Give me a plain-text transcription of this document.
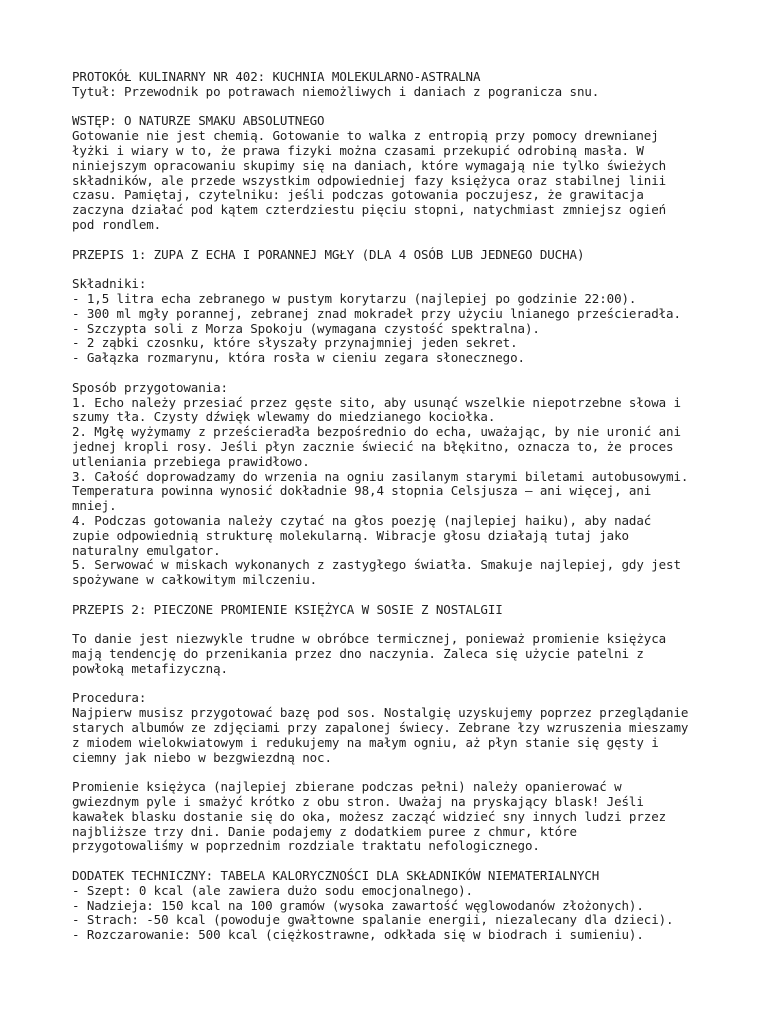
PROTOKÓŁ KULINARNY NR 402: KUCHNIA MOLEKULARNO-ASTRALNA
Tytuł: Przewodnik po potrawach niemożliwych i daniach z pogranicza snu.
WSTĘP: O NATURZE SMAKU ABSOLUTNEGO
Gotowanie nie jest chemią. Gotowanie to walka z entropią przy pomocy drewnianej
łyżki i wiary w to, że prawa fizyki można czasami przekupić odrobiną masła. W
niniejszym opracowaniu skupimy się na daniach, które wymagają nie tylko świeżych
składników, ale przede wszystkim odpowiedniej fazy księżyca oraz stabilnej linii
czasu. Pamiętaj, czytelniku: jeśli podczas gotowania poczujesz, że grawitacja
zaczyna działać pod kątem czterdziestu pięciu stopni, natychmiast zmniejsz ogień
pod rondlem.
PRZEPIS 1: ZUPA Z ECHA I PORANNEJ MGŁY (DLA 4 OSÓB LUB JEDNEGO DUCHA)
Składniki:
- 1,5 litra echa zebranego w pustym korytarzu (najlepiej po godzinie 22:00).
- 300 ml mgły porannej, zebranej znad mokradeł przy użyciu lnianego prześcieradła.
- Szczypta soli z Morza Spokoju (wymagana czystość spektralna).
- 2 ząbki czosnku, które słyszały przynajmniej jeden sekret.
- Gałązka rozmarynu, która rosła w cieniu zegara słonecznego.
Sposób przygotowania:
1. Echo należy przesiać przez gęste sito, aby usunąć wszelkie niepotrzebne słowa i
szumy tła. Czysty dźwięk wlewamy do miedzianego kociołka.
2. Mgłę wyżymamy z prześcieradła bezpośrednio do echa, uważając, by nie uronić ani
jednej kropli rosy. Jeśli płyn zacznie świecić na błękitno, oznacza to, że proces
utleniania przebiega prawidłowo.
3. Całość doprowadzamy do wrzenia na ogniu zasilanym starymi biletami autobusowymi.
Temperatura powinna wynosić dokładnie 98,4 stopnia Celsjusza – ani więcej, ani
mniej.
4. Podczas gotowania należy czytać na głos poezję (najlepiej haiku), aby nadać
zupie odpowiednią strukturę molekularną. Wibracje głosu działają tutaj jako
naturalny emulgator.
5. Serwować w miskach wykonanych z zastygłego światła. Smakuje najlepiej, gdy jest
spożywane w całkowitym milczeniu.
PRZEPIS 2: PIECZONE PROMIENIE KSIĘŻYCA W SOSIE Z NOSTALGII
To danie jest niezwykle trudne w obróbce termicznej, ponieważ promienie księżyca
mają tendencję do przenikania przez dno naczynia. Zaleca się użycie patelni z
powłoką metafizyczną.
Procedura:
Najpierw musisz przygotować bazę pod sos. Nostalgię uzyskujemy poprzez przeglądanie
starych albumów ze zdjęciami przy zapalonej świecy. Zebrane łzy wzruszenia mieszamy
z miodem wielokwiatowym i redukujemy na małym ogniu, aż płyn stanie się gęsty i
ciemny jak niebo w bezgwiezdną noc.
Promienie księżyca (najlepiej zbierane podczas pełni) należy opanierować w
gwiezdnym pyle i smażyć krótko z obu stron. Uważaj na pryskający blask! Jeśli
kawałek blasku dostanie się do oka, możesz zacząć widzieć sny innych ludzi przez
najbliższe trzy dni. Danie podajemy z dodatkiem puree z chmur, które
przygotowaliśmy w poprzednim rozdziale traktatu nefologicznego.
DODATEK TECHNICZNY: TABELA KALORYCZNOŚCI DLA SKŁADNIKÓW NIEMATERIALNYCH
- Szept: 0 kcal (ale zawiera dużo sodu emocjonalnego).
- Nadzieja: 150 kcal na 100 gramów (wysoka zawartość węglowodanów złożonych).
- Strach: -50 kcal (powoduje gwałtowne spalanie energii, niezalecany dla dzieci).
- Rozczarowanie: 500 kcal (ciężkostrawne, odkłada się w biodrach i sumieniu).
